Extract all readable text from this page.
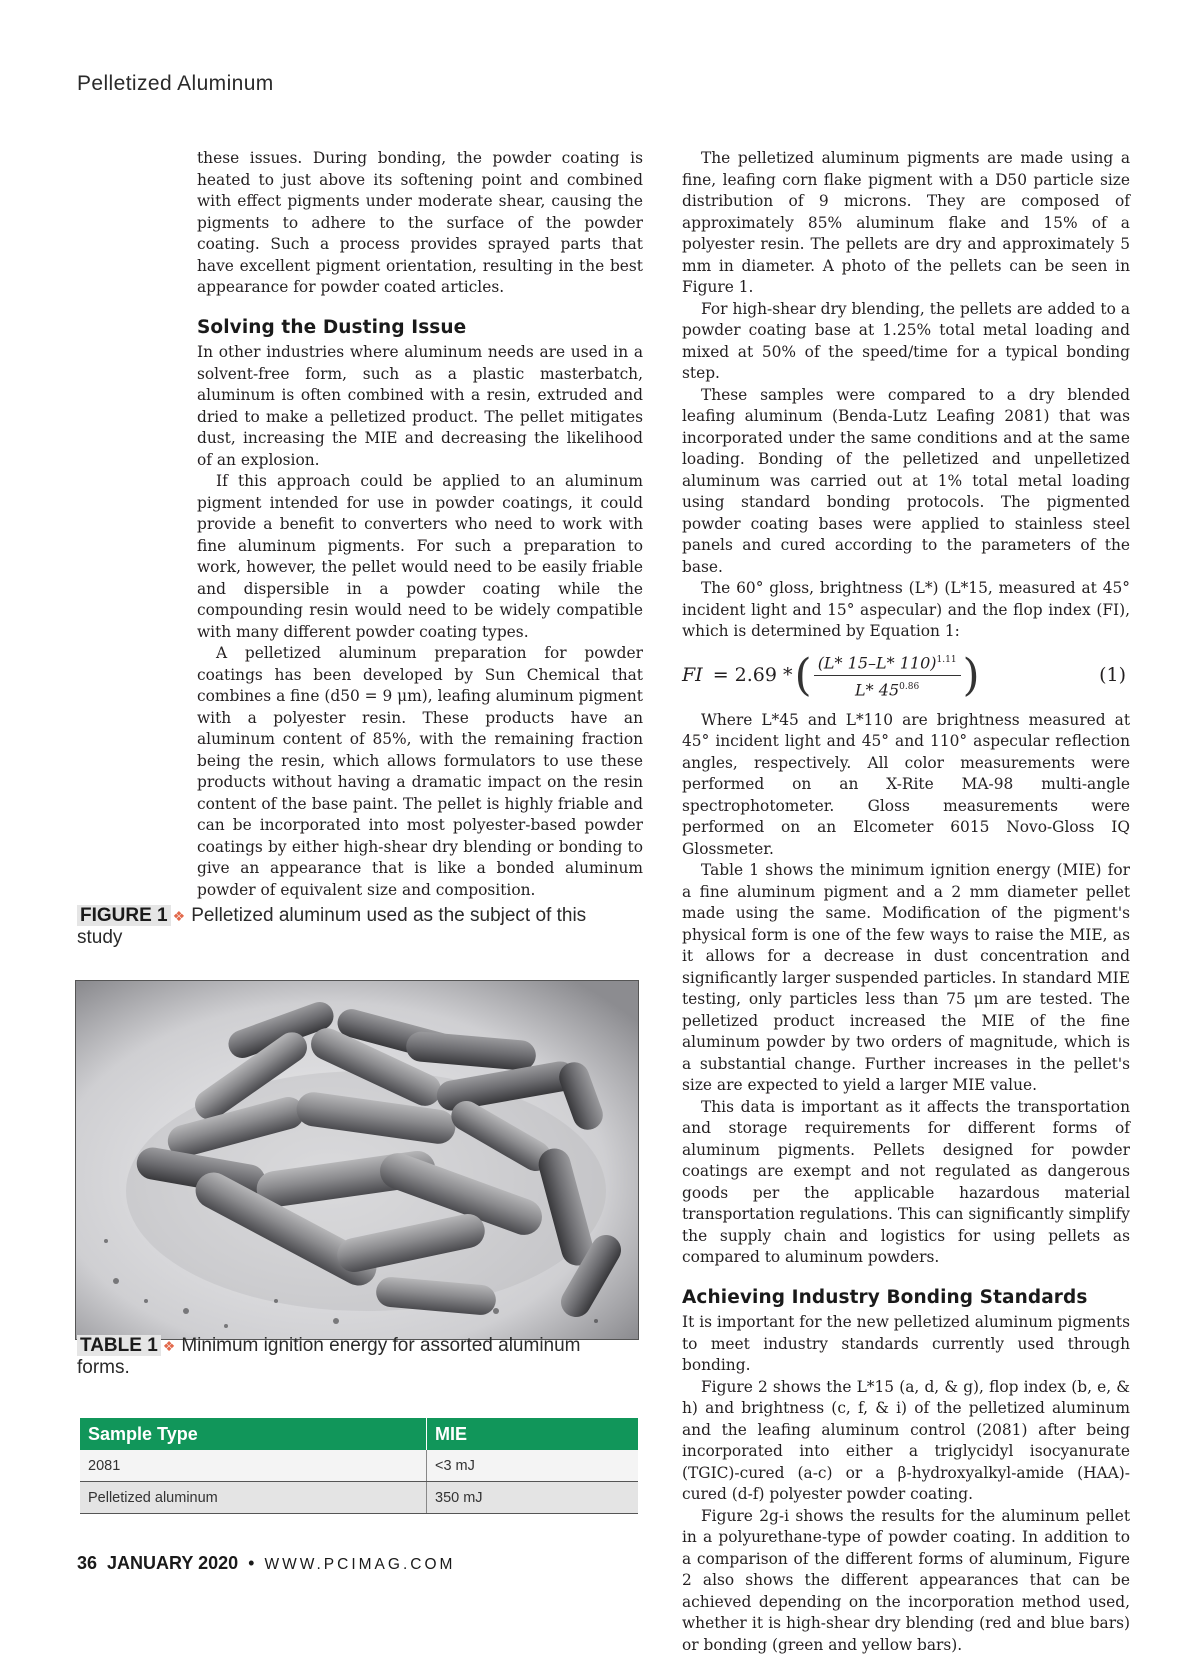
Pelletized Aluminum

these issues. During bonding, the powder coating is heated to just above its softening point and combined with effect pigments under moderate shear, causing the pigments to adhere to the surface of the powder coating. Such a process provides sprayed parts that have excellent pigment orientation, resulting in the best appearance for powder coated articles.

Solving the Dusting Issue

In other industries where aluminum needs are used in a solvent-free form, such as a plastic masterbatch, aluminum is often combined with a resin, extruded and dried to make a pelletized product. The pellet mitigates dust, increasing the MIE and decreasing the likelihood of an explosion.

If this approach could be applied to an aluminum pigment intended for use in powder coatings, it could provide a benefit to converters who need to work with fine aluminum pigments. For such a preparation to work, however, the pellet would need to be easily friable and dispersible in a powder coating while the compounding resin would need to be widely compatible with many different powder coating types.

A pelletized aluminum preparation for powder coatings has been developed by Sun Chemical that combines a fine (d50 = 9 μm), leafing aluminum pigment with a polyester resin. These products have an aluminum content of 85%, with the remaining fraction being the resin, which allows formulators to use these products without having a dramatic impact on the resin content of the base paint. The pellet is highly friable and can be incorporated into most polyester-based powder coatings by either high-shear dry blending or bonding to give an appearance that is like a bonded aluminum powder of equivalent size and composition.

The pelletized aluminum pigments are made using a fine, leafing corn flake pigment with a D50 particle size distribution of 9 microns. They are composed of approximately 85% aluminum flake and 15% of a polyester resin. The pellets are dry and approximately 5 mm in diameter. A photo of the pellets can be seen in Figure 1.

For high-shear dry blending, the pellets are added to a powder coating base at 1.25% total metal loading and mixed at 50% of the speed/time for a typical bonding step.

These samples were compared to a dry blended leafing aluminum (Benda-Lutz Leafing 2081) that was incorporated under the same conditions and at the same loading. Bonding of the pelletized and unpelletized aluminum was carried out at 1% total metal loading using standard bonding protocols. The pigmented powder coating bases were applied to stainless steel panels and cured according to the parameters of the base.

The 60° gloss, brightness (L*) (L*15, measured at 45° incident light and 15° aspecular) and the flop index (FI), which is determined by Equation 1:

FI = 2.69 * ( $\frac{(L* 15-L* 110)^{1.11}}{L* 45^{0.86}}$ )	(1)

Where L*45 and L*110 are brightness measured at 45° incident light and 45° and 110° aspecular reflection angles, respectively. All color measurements were performed on an X-Rite MA-98 multi-angle spectrophotometer. Gloss measurements were performed on an Elcometer 6015 Novo-Gloss IQ Glossmeter.

Table 1 shows the minimum ignition energy (MIE) for a fine aluminum pigment and a 2 mm diameter pellet made using the same. Modification of the pigment's physical form is one of the few ways to raise the MIE, as it allows for a decrease in dust concentration and significantly larger suspended particles. In standard MIE testing, only particles less than 75 μm are tested. The pelletized product increased the MIE of the fine aluminum powder by two orders of magnitude, which is a substantial change. Further increases in the pellet's size are expected to yield a larger MIE value.

This data is important as it affects the transportation and storage requirements for different forms of aluminum pigments. Pellets designed for powder coatings are exempt and not regulated as dangerous goods per the applicable hazardous material transportation regulations. This can significantly simplify the supply chain and logistics for using pellets as compared to aluminum powders.

Achieving Industry Bonding Standards

It is important for the new pelletized aluminum pigments to meet industry standards currently used through bonding.

Figure 2 shows the L*15 (a, d, & g), flop index (b, e, & h) and brightness (c, f, & i) of the pelletized aluminum and the leafing aluminum control (2081) after being incorporated into either a triglycidyl isocyanurate (TGIC)-cured (a-c) or a β-hydroxyalkyl-amide (HAA)-cured (d-f) polyester powder coating.

Figure 2g-i shows the results for the aluminum pellet in a polyurethane-type of powder coating. In addition to a comparison of the different forms of aluminum, Figure 2 also shows the different appearances that can be achieved depending on the incorporation method used, whether it is high-shear dry blending (red and blue bars) or bonding (green and yellow bars).

FIGURE 1 ❖ Pelletized aluminum used as the subject of this study
TABLE 1 ❖ Minimum ignition energy for assorted aluminum forms.
Sample Type	MIE
2081	<3 mJ
Pelletized aluminum	350 mJ
36 JANUARY 2020 • WWW.PCIMAG.COM
